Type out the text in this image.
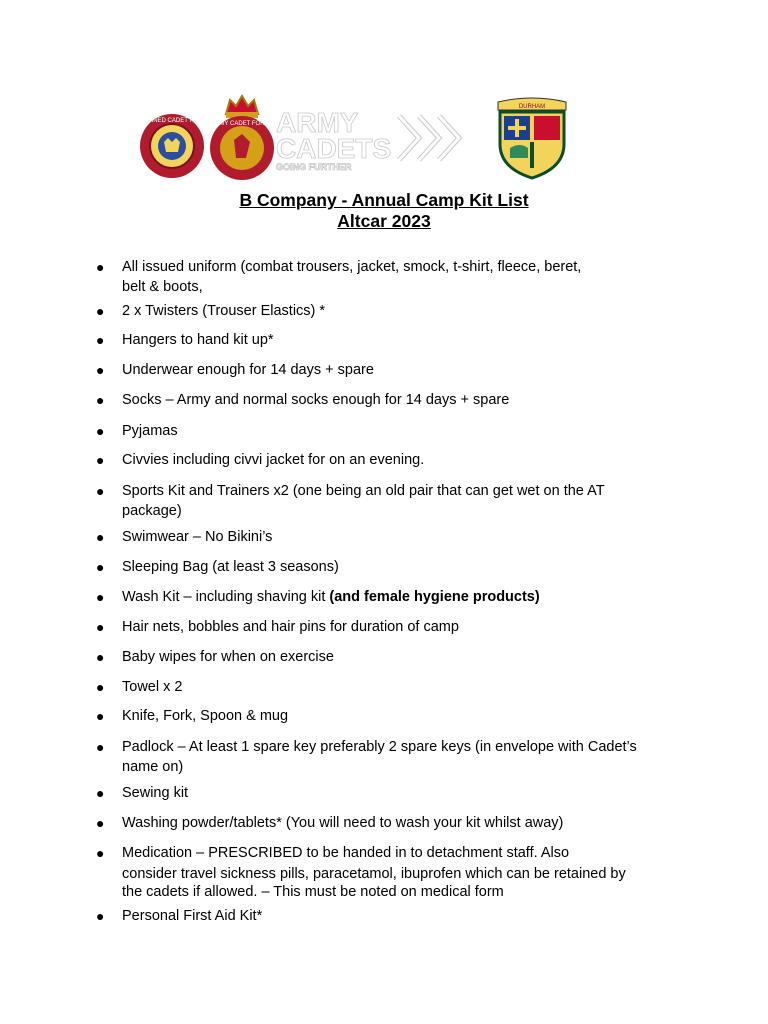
COMBINED CADET FORCE ARMY CADET FORCE ARMY
CADETS
GOING FURTHER
DURHAM
B Company - Annual Camp Kit List
Altcar 2023
● All issued uniform (combat trousers, jacket, smock, t-shirt, fleece, beret,
belt & boots,
● 2 x Twisters (Trouser Elastics) *
● Hangers to hand kit up*
● Underwear enough for 14 days + spare
● Socks – Army and normal socks enough for 14 days + spare
● Pyjamas
● Civvies including civvi jacket for on an evening.
● Sports Kit and Trainers x2 (one being an old pair that can get wet on the AT
package)
● Swimwear – No Bikini’s
● Sleeping Bag (at least 3 seasons)
● Wash Kit – including shaving kit (and female hygiene products)
● Hair nets, bobbles and hair pins for duration of camp
● Baby wipes for when on exercise
● Towel x 2
● Knife, Fork, Spoon & mug
● Padlock – At least 1 spare key preferably 2 spare keys (in envelope with Cadet’s
name on)
● Sewing kit
● Washing powder/tablets* (You will need to wash your kit whilst away)
● Medication – PRESCRIBED to be handed in to detachment staff. Also
consider travel sickness pills, paracetamol, ibuprofen which can be retained by
the cadets if allowed. – This must be noted on medical form
● Personal First Aid Kit*
